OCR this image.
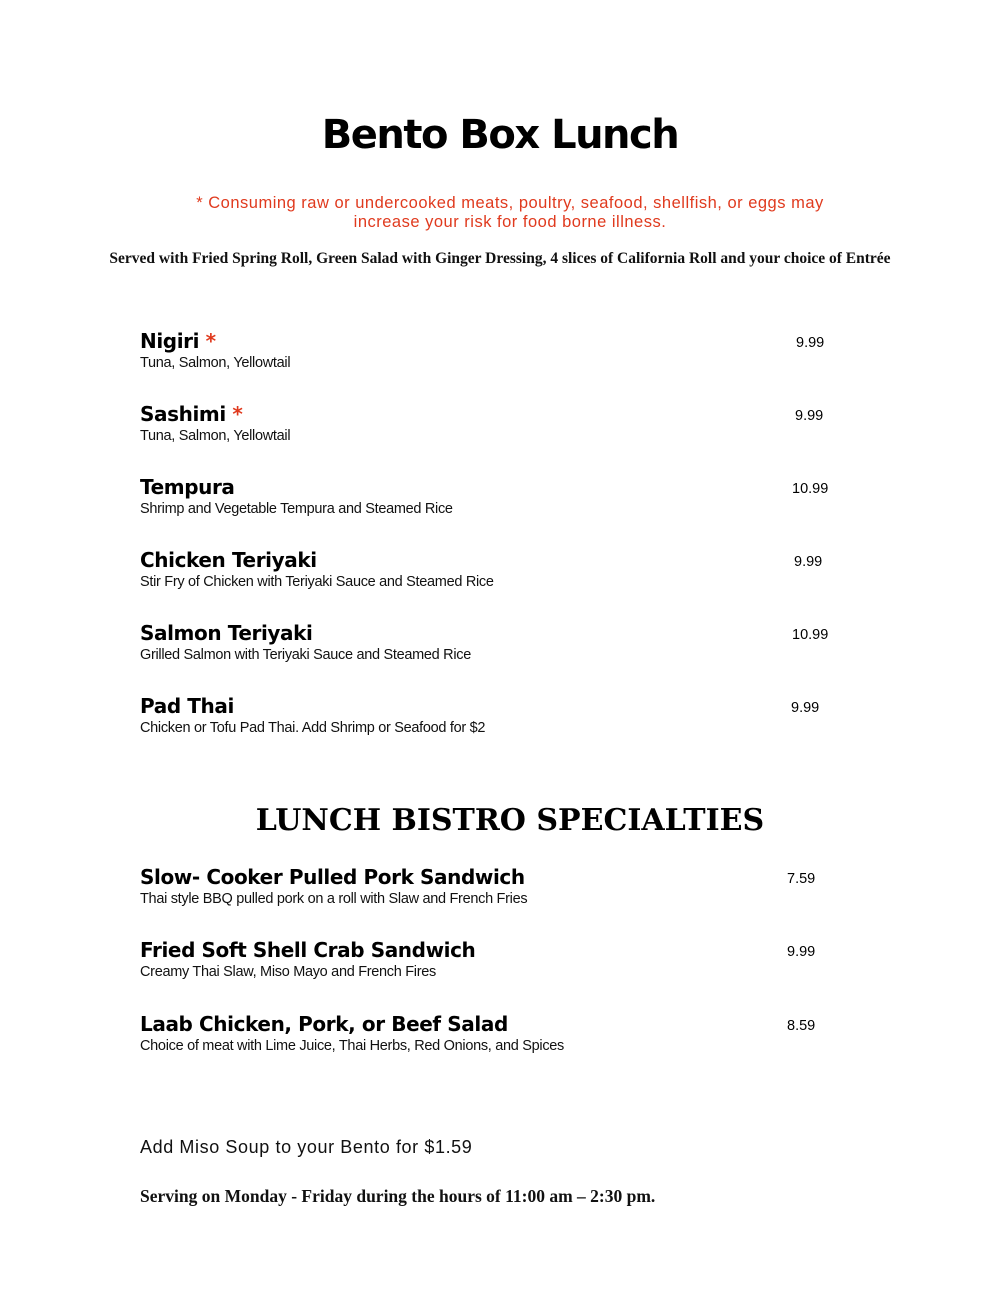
Bento Box Lunch
* Consuming raw or undercooked meats, poultry, seafood, shellfish, or eggs may
increase your risk for food borne illness.
Served with Fried Spring Roll, Green Salad with Ginger Dressing, 4 slices of California Roll and your choice of Entrée
Nigiri *
Tuna, Salmon, Yellowtail
9.99
Sashimi *
Tuna, Salmon, Yellowtail
9.99
Tempura
Shrimp and Vegetable Tempura and Steamed Rice
10.99
Chicken Teriyaki
Stir Fry of Chicken with Teriyaki Sauce and Steamed Rice
9.99
Salmon Teriyaki
Grilled Salmon with Teriyaki Sauce and Steamed Rice
10.99
Pad Thai
Chicken or Tofu Pad Thai. Add Shrimp or Seafood for $2
9.99
LUNCH BISTRO SPECIALTIES
Slow- Cooker Pulled Pork Sandwich
Thai style BBQ pulled pork on a roll with Slaw and French Fries
7.59
Fried Soft Shell Crab Sandwich
Creamy Thai Slaw, Miso Mayo and French Fires
9.99
Laab Chicken, Pork, or Beef Salad
Choice of meat with Lime Juice, Thai Herbs, Red Onions, and Spices
8.59
Add Miso Soup to your Bento for $1.59
Serving on Monday - Friday during the hours of 11:00 am – 2:30 pm.
